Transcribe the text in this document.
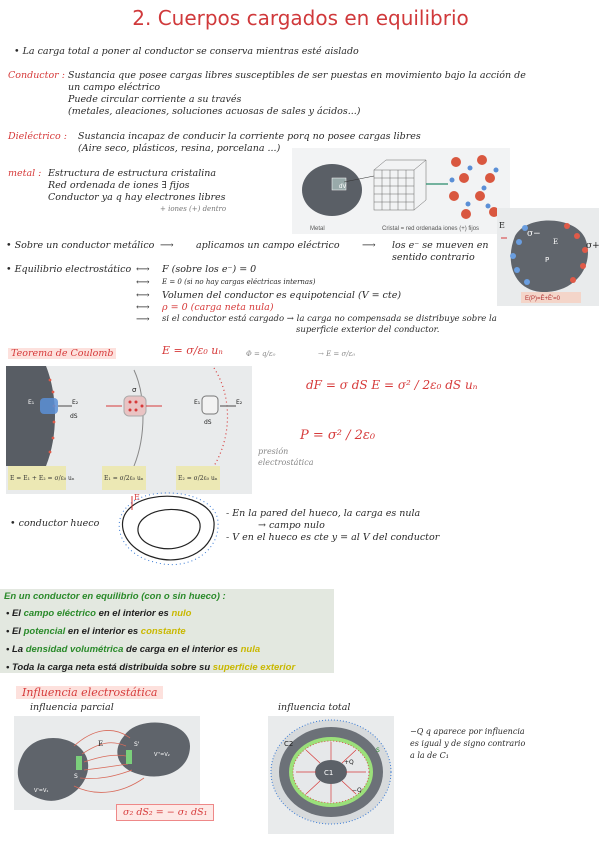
2. Cuerpos cargados en equilibrio
• La carga total a poner al conductor se conserva mientras esté aislado
Conductor : Sustancia que posee cargas libres susceptibles de ser puestas en movimiento bajo la acción de
un campo eléctrico
Puede circular corriente a su través
(metales, aleaciones, soluciones acuosas de sales y ácidos...)
Dieléctrico : Sustancia incapaz de conducir la corriente porq no posee cargas libres
(Aire seco, plásticos, resina, porcelana ...)
metal : Estructura de estructura cristalina
Red ordenada de iones ∃ fijos
Conductor ya q hay electrones libres
+ iones (+) dentro
dV
Metal	Cristal = red ordenada iones (+) fijos
• Sobre un conductor metálico ⟶ aplicamos un campo eléctrico ⟶ los e⁻ se mueven en
sentido contrario
• Equilibrio electrostático ⟷ F (sobre los e⁻) = 0
⟷ E = 0 (si no hay cargas eléctricas internas)
⟷ Volumen del conductor es equipotencial (V = cte)
⟷ ρ = 0 (carga neta nula)
⟶ si el conductor está cargado → la carga no compensada se distribuye sobre la
superficie exterior del conductor.
E
σ−
σ+
P
E
E(P)=Ē+Ē'=0
Teorema de Coulomb	E = σ/ε₀ uₙ	Φ = q/ε₀	→ E = σ/ε₀
E = E₁ + E₂ = σ/ε₀ uₙ	E₁ = σ/2ε₀ uₙ	E₂ = σ/2ε₀ uₙ
E₂
E₁
dS
σ
dS
E₁	E₂
dF = σ dS E = σ² / 2ε₀ dS uₙ
P = σ² / 2ε₀
presión electrostática
• conductor hueco
E
- En la pared del hueco, la carga es nula
→ campo nulo
- V en el hueco es cte y = al V del conductor
En un conductor en equilibrio (con o sin hueco) :
• El campo eléctrico en el interior es nulo
• El potencial en el interior es constante
• La densidad volumétrica de carga en el interior es nula
• Toda la carga neta está distribuida sobre su superficie exterior
Influencia electrostática
influencia parcial	influencia total
E
S
S'
V'=V₁
V''=V₂
σ₂ dS₂ = − σ₁ dS₁
C2
C1
+Q
−Q
S
−Q q aparece por influencia
es igual y de signo contrario
a la de C₁
